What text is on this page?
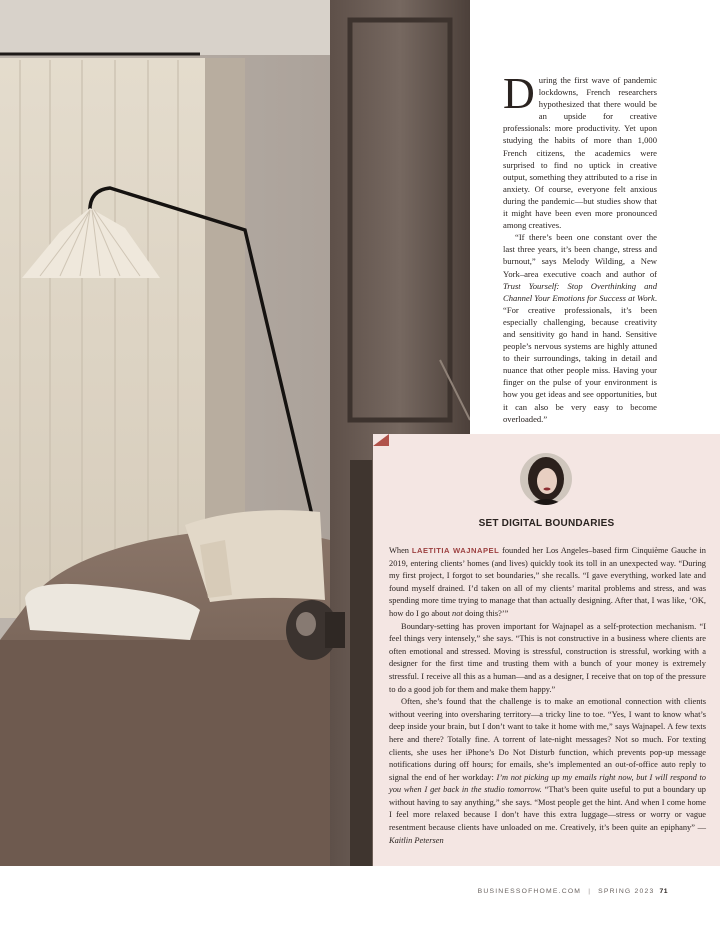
During the first wave of pandemic lockdowns, French researchers hypothesized that there would be an upside for creative professionals: more productivity. Yet upon studying the habits of more than 1,000 French citizens, the academics were surprised to find no uptick in creative output, something they attributed to a rise in anxiety. Of course, everyone felt anxious during the pandemic—but studies show that it might have been even more pronounced among creatives.

“If there’s been one constant over the last three years, it’s been change, stress and burnout,” says Melody Wilding, a New York–area executive coach and author of Trust Yourself: Stop Overthinking and Channel Your Emotions for Success at Work. “For creative professionals, it’s been especially challenging, because creativity and sensitivity go hand in hand. Sensitive people’s nervous systems are highly attuned to their surroundings, taking in detail and nuance that other people miss. Having your finger on the pulse of your environment is how you get ideas and see opportunities, but it can also be very easy to become overloaded.”

SET DIGITAL BOUNDARIES

When LAETITIA WAJNAPEL founded her Los Angeles–based firm Cinquième Gauche in 2019, entering clients’ homes (and lives) quickly took its toll in an unexpected way. “During my first project, I forgot to set boundaries,” she recalls. “I gave everything, worked late and found myself drained. I’d taken on all of my clients’ marital problems and stress, and was spending more time trying to manage that than actually designing. After that, I was like, ‘OK, how do I go about not doing this?’”

Boundary-setting has proven important for Wajnapel as a self-protection mechanism. “I feel things very intensely,” she says. “This is not constructive in a business where clients are often emotional and stressed. Moving is stressful, construction is stressful, working with a designer for the first time and trusting them with a bunch of your money is extremely stressful. I receive all this as a human—and as a designer, I receive that on top of the pressure to do a good job for them and make them happy.”

Often, she’s found that the challenge is to make an emotional connection with clients without veering into oversharing territory—a tricky line to toe. “Yes, I want to know what’s deep inside your brain, but I don’t want to take it home with me,” says Wajnapel. A few texts here and there? Totally fine. A torrent of late-night messages? Not so much. For texting clients, she uses her iPhone’s Do Not Disturb function, which prevents pop-up message notifications during off hours; for emails, she’s implemented an out-of-office auto reply to signal the end of her workday: I’m not picking up my emails right now, but I will respond to you when I get back in the studio tomorrow. “That’s been quite useful to put a boundary up without having to say anything,” she says. “Most people get the hint. And when I come home I feel more relaxed because I don’t have this extra luggage—stress or worry or vague resentment because clients have unloaded on me. Creatively, it’s been quite an epiphany” —Kaitlin Petersen

BUSINESSOFHOME.COM | SPRING 2023 71
